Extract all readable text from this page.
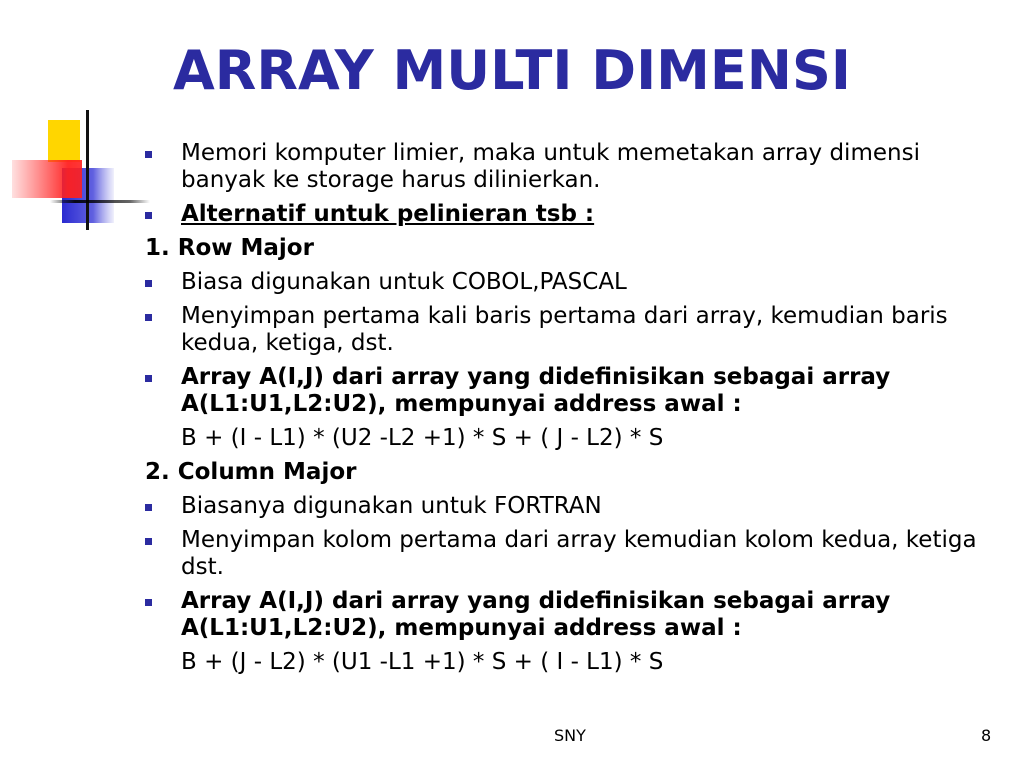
ARRAY MULTI DIMENSI
Memori komputer limier, maka untuk memetakan array dimensi banyak ke storage harus dilinierkan.
Alternatif untuk pelinieran tsb :
1. Row Major
Biasa digunakan untuk COBOL,PASCAL
Menyimpan pertama kali baris pertama dari array, kemudian baris kedua, ketiga, dst.
Array A(I,J) dari array yang didefinisikan sebagai array A(L1:U1,L2:U2), mempunyai address awal :
B + (I - L1) * (U2 -L2 +1) * S + ( J - L2) * S
2. Column Major
Biasanya digunakan untuk FORTRAN
Menyimpan kolom pertama dari array kemudian kolom kedua, ketiga dst.
Array A(I,J) dari array yang didefinisikan sebagai array A(L1:U1,L2:U2), mempunyai address awal :
B + (J - L2) * (U1 -L1 +1) * S + ( I - L1) * S
SNY	8
